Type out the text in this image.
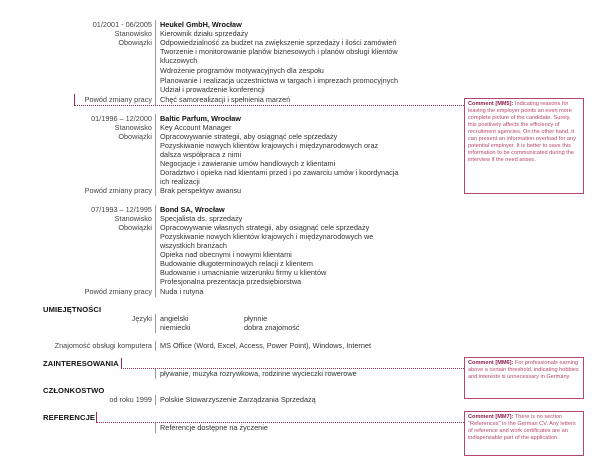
01/2001 - 06/2005 Heukel GmbH, Wrocław
Stanowisko Kierownik działu sprzedaży
Obowiązki Odpowiedzialność za budżet na zwiększenie sprzedaży i ilości zamówień
Tworzenie i monitorowanie planów biznesowych i planów obsługi klientów
kluczowych
Wdrożenie programów motywacyjnych dla zespołu
Planowanie i realizacja uczestnictwa w targach i imprezach promocyjnych
Udział i prowadzenie konferencji
Powód zmiany pracy Chęć samorealizacji i spełnienia marzeń
01/1996 – 12/2000 Baltic Parfum, Wrocław
Stanowisko Key Account Manager
Obowiązki Opracowywanie strategii, aby osiągnąć cele sprzedaży
Pozyskiwanie nowych klientów krajowych i międzynarodowych oraz
dalsza współpraca z nimi
Negocjacje i zawieranie umów handlowych z klientami
Doradztwo i opieka nad klientami przed i po zawarciu umów i koordynacja
ich realizacji
Powód zmiany pracy Brak perspektyw awansu
07/1993 – 12/1995 Bond SA, Wrocław
Stanowisko Specjalista ds. sprzedaży
Obowiązki Opracowywanie własnych strategii, aby osiągnąć cele sprzedaży
Pozyskiwanie nowych klientów krajowych i międzynarodowych we
wszystkich branżach
Opieka nad obecnymi i nowymi klientami
Budowanie długoterminowych relacji z klientem
Budowanie i umacnianie wizerunku firmy u klientów
Profesjonalna prezentacja przedsiębiorstwa
Powód zmiany pracy Nuda i rutyna
UMIEJĘTNOŚCI
Języki angielski	płynnie
niemiecki	dobra znajomość
Znajomość obsługi komputera MS Office (Word, Excel, Access, Power Point), Windows, Internet
ZAINTERESOWANIA
pływanie, muzyka rozrywkowa, rodzinne wycieczki rowerowe
CZŁONKOSTWO
od roku 1999 Polskie Stowarzyszenie Zarządzania Sprzedażą
REFERENCJE
Referencje dostępne na życzenie
Comment [MM5]: Indicating reasons for leaving the employer points an even more complete picture of the candidate. Surely, this positively affects the efficiency of recruitment agencies. On the other hand, it can present an information overload for any potential employer. It is better to save this information to be communicated during the interview if the need arises.
Comment [MM6]: For professionals earning above a certain threshold, indicating hobbies and interests is unnecessary in Germany.
Comment [MM7]: There is no section "References" in the German CV. Any letters of reference and work certificates are an indispensable part of the application.
